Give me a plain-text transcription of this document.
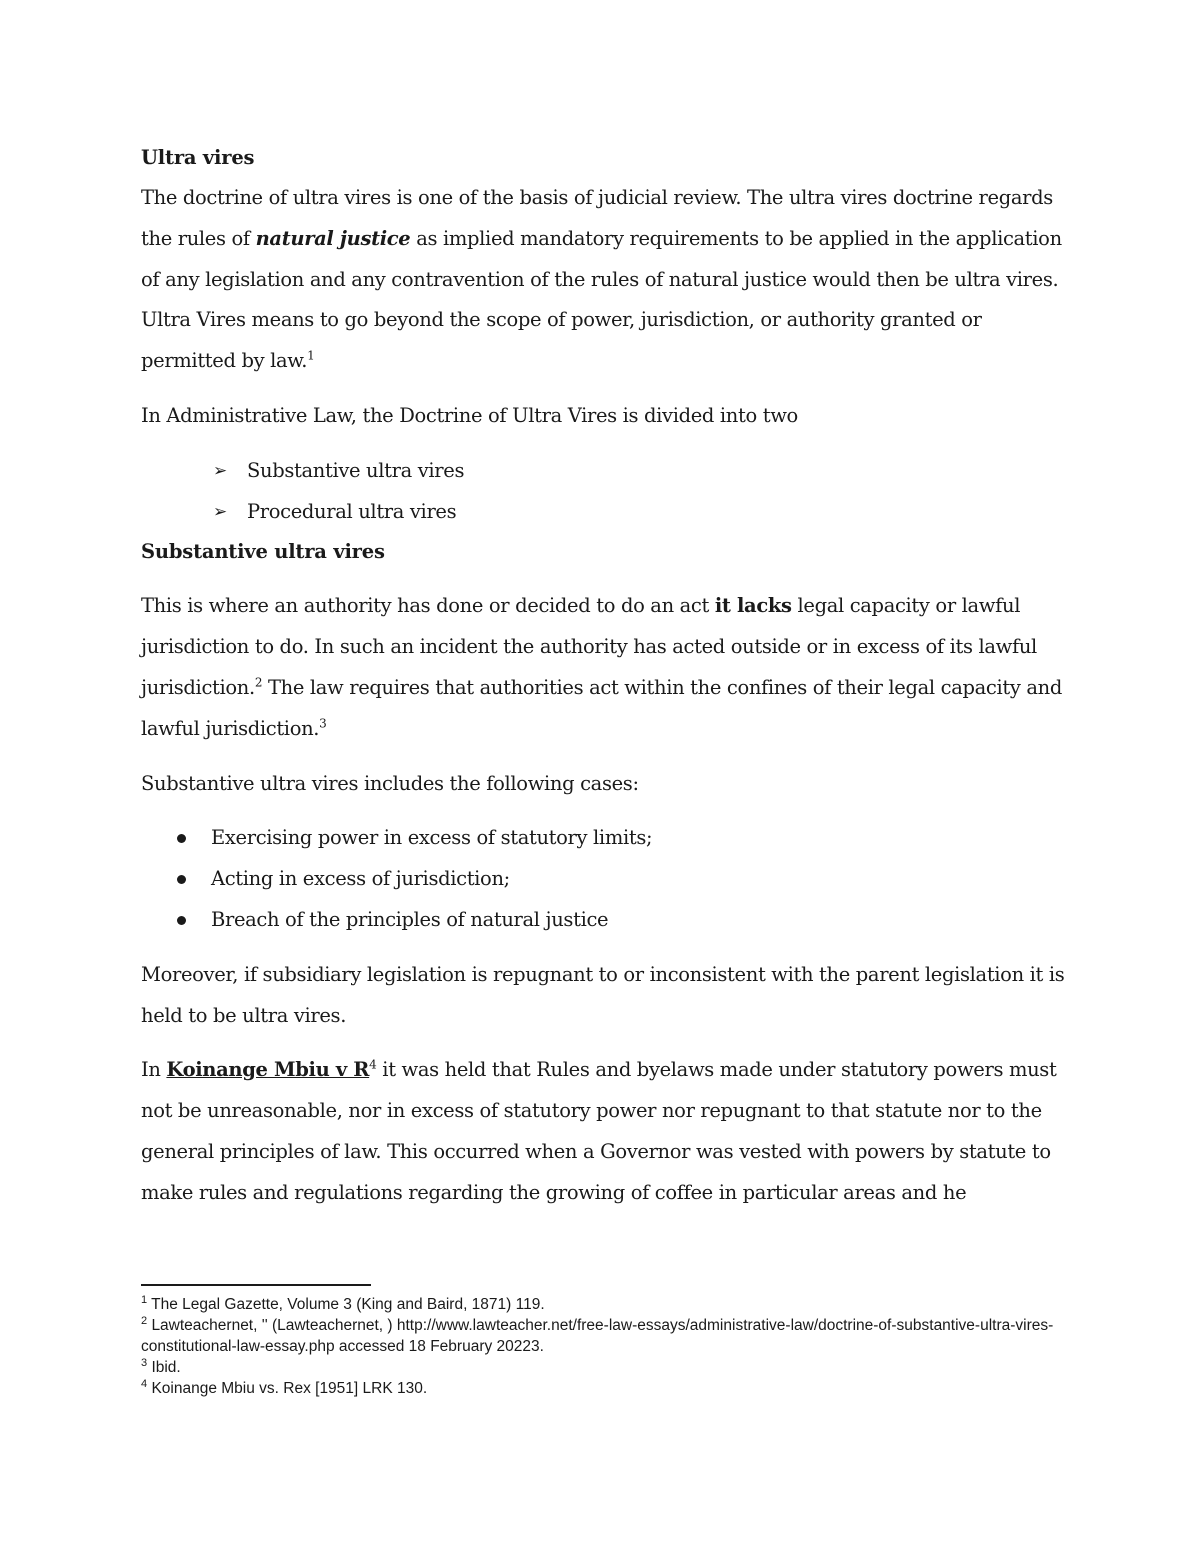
Ultra vires

The doctrine of ultra vires is one of the basis of judicial review. The ultra vires doctrine regards the rules of natural justice as implied mandatory requirements to be applied in the application of any legislation and any contravention of the rules of natural justice would then be ultra vires. Ultra Vires means to go beyond the scope of power, jurisdiction, or authority granted or permitted by law.$^1$

In Administrative Law, the Doctrine of Ultra Vires is divided into two

➢ Substantive ultra vires
➢ Procedural ultra vires
Substantive ultra vires

This is where an authority has done or decided to do an act it lacks legal capacity or lawful jurisdiction to do. In such an incident the authority has acted outside or in excess of its lawful jurisdiction.$^2$ The law requires that authorities act within the confines of their legal capacity and lawful jurisdiction.$^3$

Substantive ultra vires includes the following cases:

Exercising power in excess of statutory limits;
Acting in excess of jurisdiction;
Breach of the principles of natural justice

Moreover, if subsidiary legislation is repugnant to or inconsistent with the parent legislation it is held to be ultra vires.

In Koinange Mbiu v $R^4$ it was held that Rules and byelaws made under statutory powers must not be unreasonable, nor in excess of statutory power nor repugnant to that statute nor to the general principles of law. This occurred when a Governor was vested with powers by statute to make rules and regulations regarding the growing of coffee in particular areas and he

$^1$ The Legal Gazette, Volume 3 (King and Baird, 1871) 119.

$^2$ Lawteachernet, '' (Lawteachernet, ) http://www.lawteacher.net/free-law-essays/administrative-law/doctrine-of-substantive-ultra-vires-constitutional-law-essay.php accessed 18 February 20223.

$^3$ Ibid.

$^4$ Koinange Mbiu vs. Rex [1951] LRK 130.
